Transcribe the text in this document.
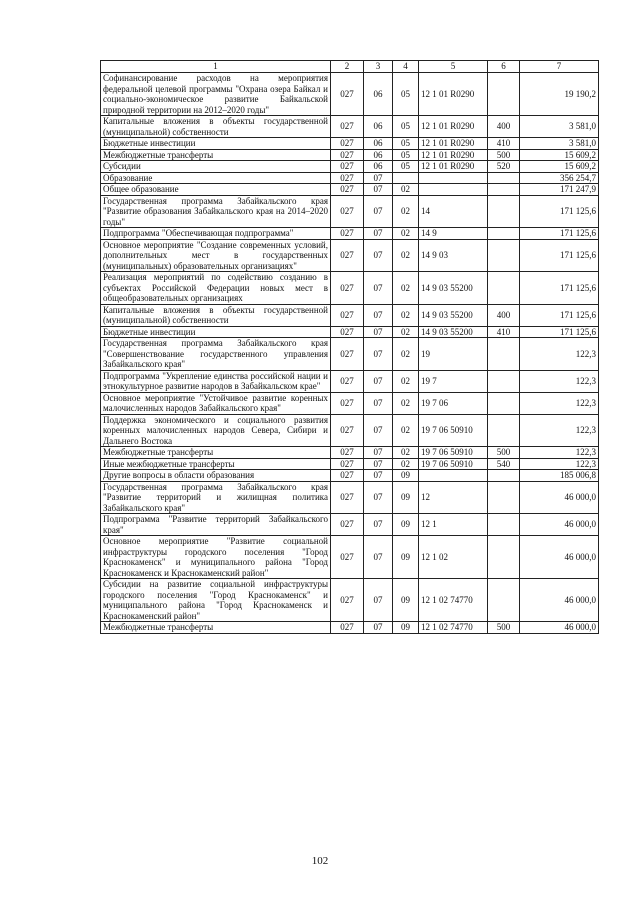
1	2	3	4	5	6	7
Софинансирование расходов на мероприятия федеральной целевой программы "Охрана озера Байкал и социально-экономическое развитие Байкальской природной территории на 2012–2020 годы"	027	06	05	12 1 01 R0290		19 190,2
Капитальные вложения в объекты государственной (муниципальной) собственности	027	06	05	12 1 01 R0290	400	3 581,0
Бюджетные инвестиции	027	06	05	12 1 01 R0290	410	3 581,0
Межбюджетные трансферты	027	06	05	12 1 01 R0290	500	15 609,2
Субсидии	027	06	05	12 1 01 R0290	520	15 609,2
Образование	027	07				356 254,7
Общее образование	027	07	02			171 247,9
Государственная программа Забайкальского края "Развитие образования Забайкальского края на 2014–2020 годы"	027	07	02	14		171 125,6
Подпрограмма "Обеспечивающая подпрограмма"	027	07	02	14 9		171 125,6
Основное мероприятие "Создание современных условий, дополнительных мест в государственных (муниципальных) образовательных организациях"	027	07	02	14 9 03		171 125,6
Реализация мероприятий по содействию созданию в субъектах Российской Федерации новых мест в общеобразовательных организациях	027	07	02	14 9 03 55200		171 125,6
Капитальные вложения в объекты государственной (муниципальной) собственности	027	07	02	14 9 03 55200	400	171 125,6
Бюджетные инвестиции	027	07	02	14 9 03 55200	410	171 125,6
Государственная программа Забайкальского края "Совершенствование государственного управления Забайкальского края"	027	07	02	19		122,3
Подпрограмма "Укрепление единства российской нации и этнокультурное развитие народов в Забайкальском крае"	027	07	02	19 7		122,3
Основное мероприятие "Устойчивое развитие коренных малочисленных народов Забайкальского края"	027	07	02	19 7 06		122,3
Поддержка экономического и социального развития коренных малочисленных народов Севера, Сибири и Дальнего Востока	027	07	02	19 7 06 50910		122,3
Межбюджетные трансферты	027	07	02	19 7 06 50910	500	122,3
Иные межбюджетные трансферты	027	07	02	19 7 06 50910	540	122,3
Другие вопросы в области образования	027	07	09			185 006,8
Государственная программа Забайкальского края "Развитие территорий и жилищная политика Забайкальского края"	027	07	09	12		46 000,0
Подпрограмма "Развитие территорий Забайкальского края"	027	07	09	12 1		46 000,0
Основное мероприятие "Развитие социальной инфраструктуры городского поселения "Город Краснокаменск" и муниципального района "Город Краснокаменск и Краснокаменский район"	027	07	09	12 1 02		46 000,0
Субсидии на развитие социальной инфраструктуры городского поселения "Город Краснокаменск" и муниципального района "Город Краснокаменск и Краснокаменский район"	027	07	09	12 1 02 74770		46 000,0
Межбюджетные трансферты	027	07	09	12 1 02 74770	500	46 000,0
102
